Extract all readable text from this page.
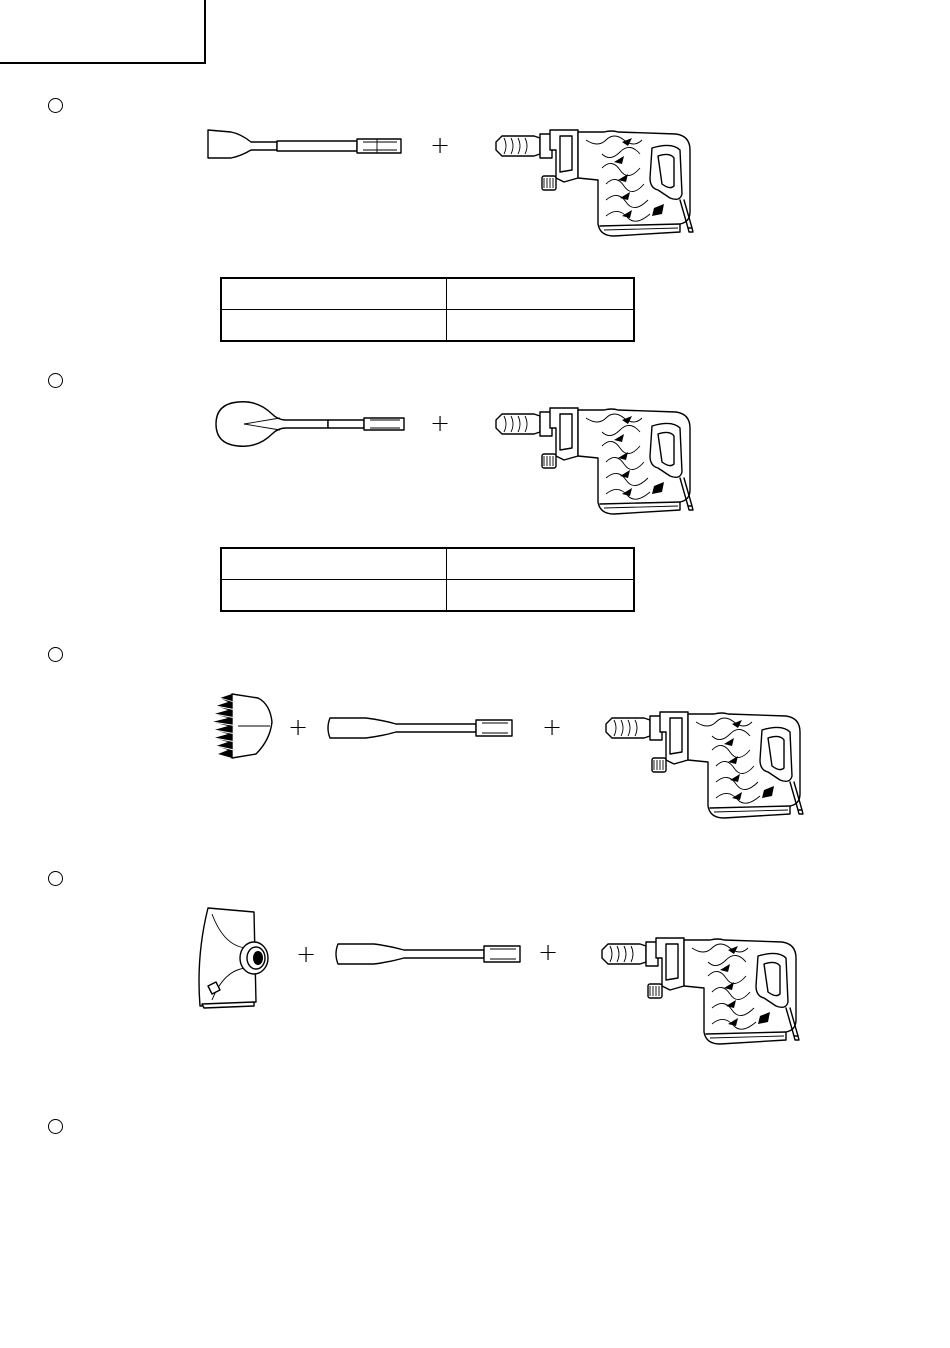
+

+

+	+
+	+
